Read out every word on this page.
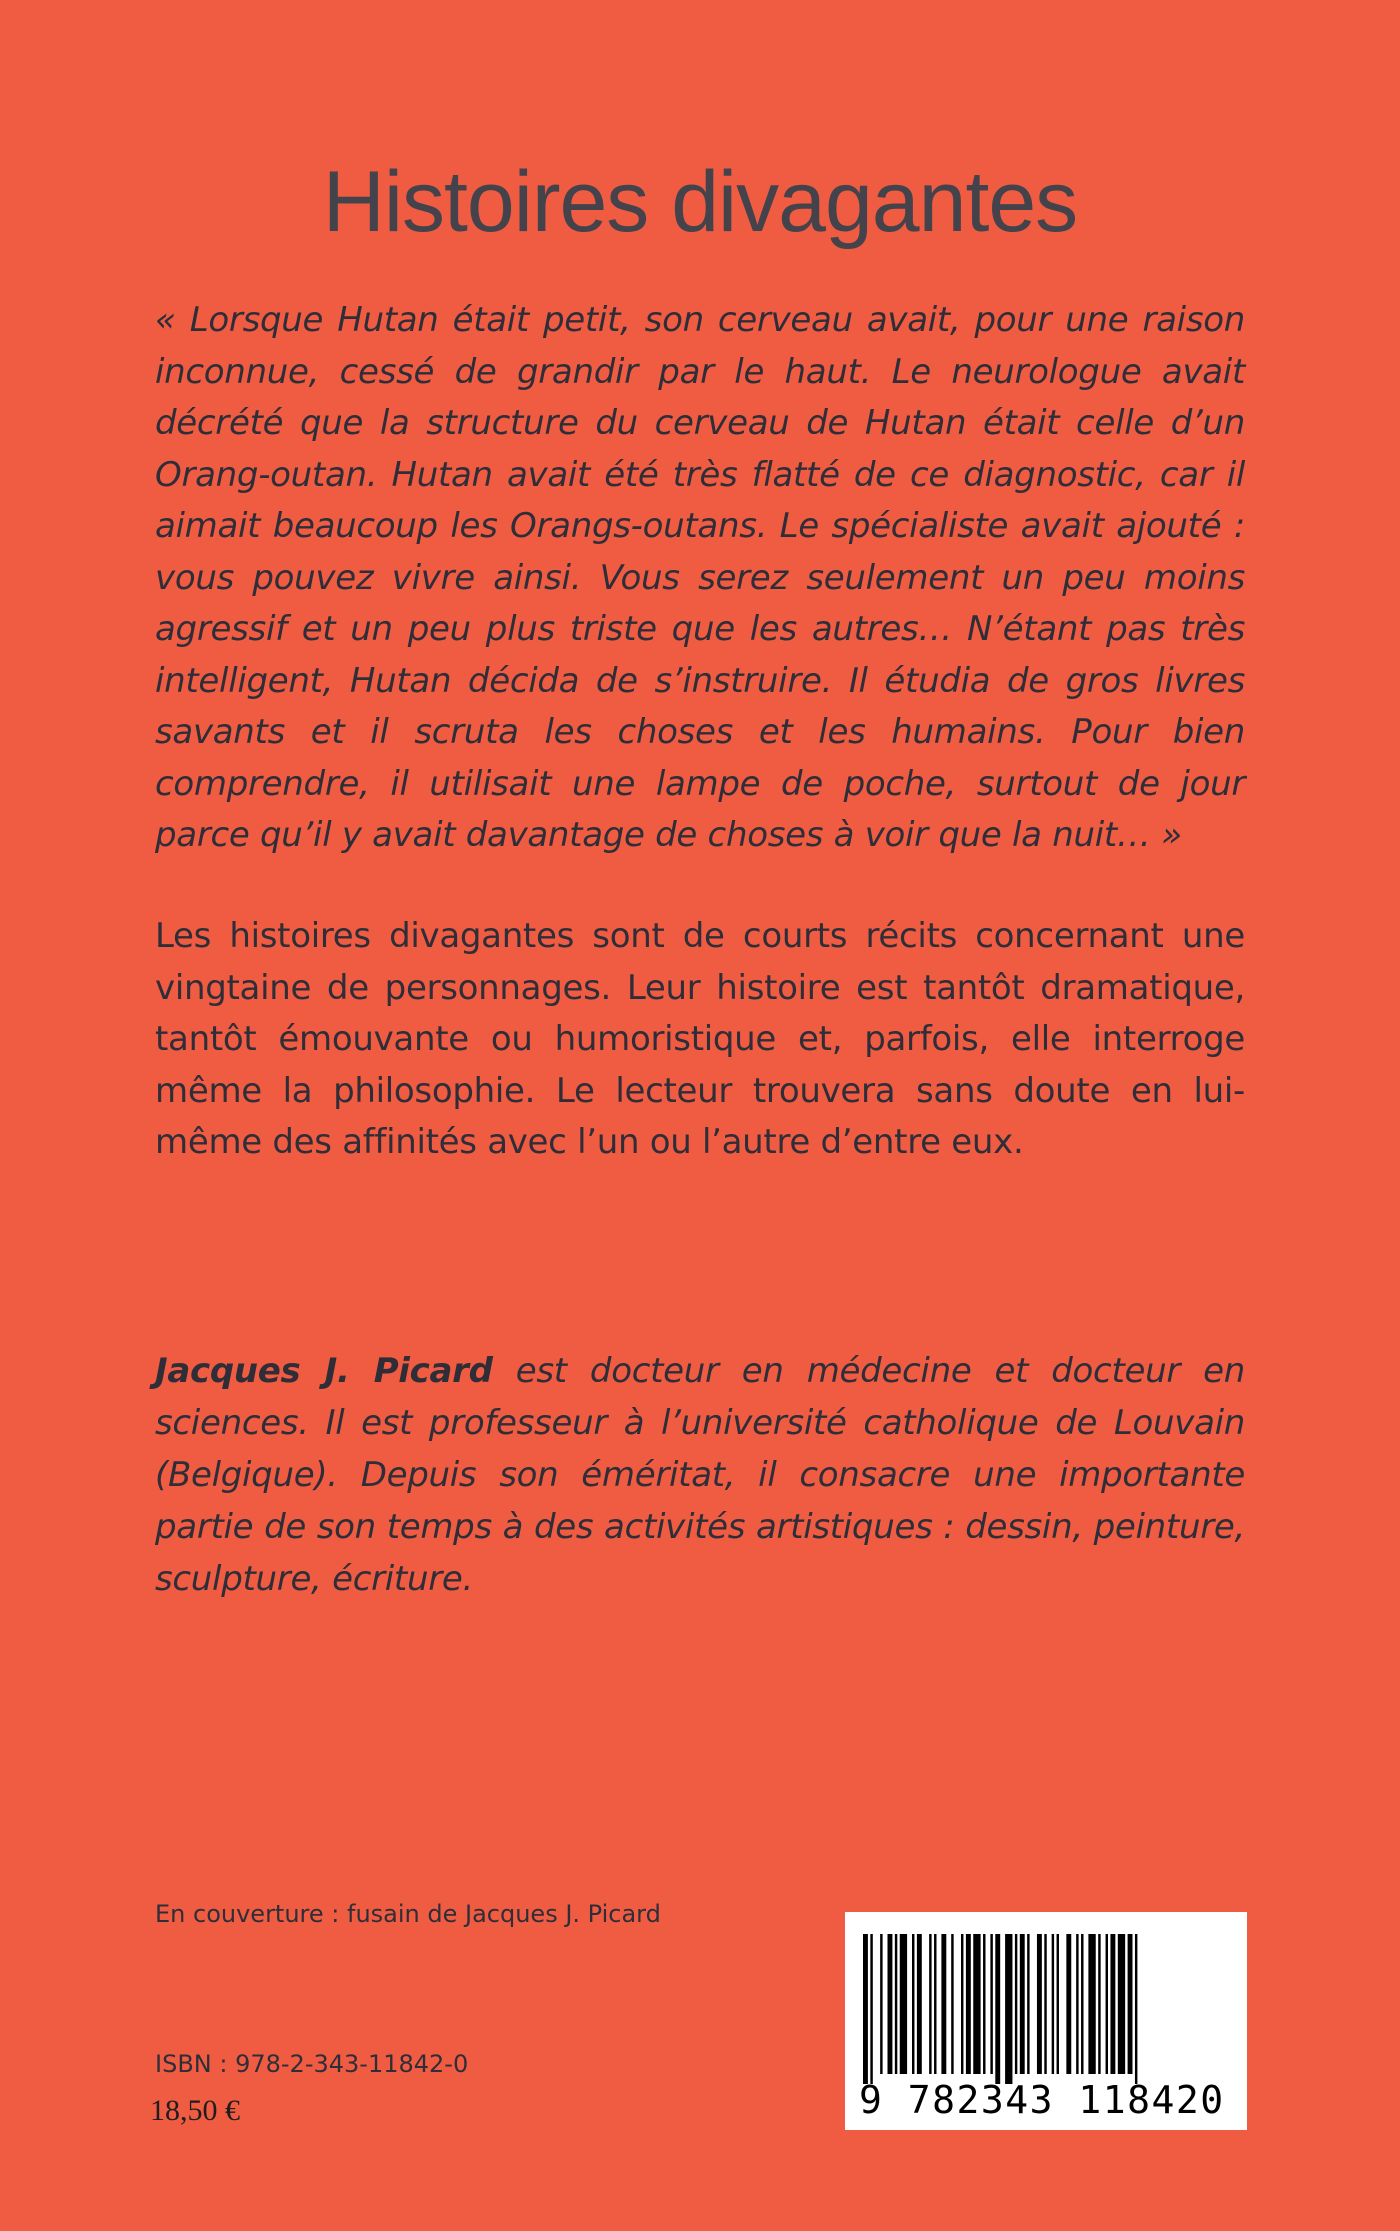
Histoires divagantes
« Lorsque Hutan était petit, son cerveau avait, pour une raison inconnue, cessé de grandir par le haut. Le neurologue avait décrété que la structure du cerveau de Hutan était celle d’un Orang-outan. Hutan avait été très flatté de ce diagnostic, car il aimait beaucoup les Orangs-outans. Le spécialiste avait ajouté : vous pouvez vivre ainsi. Vous serez seulement un peu moins agressif et un peu plus triste que les autres… N’étant pas très intelligent, Hutan décida de s’instruire. Il étudia de gros livres savants et il scruta les choses et les humains. Pour bien comprendre, il utilisait une lampe de poche, surtout de jour parce qu’il y avait davantage de choses à voir que la nuit… »
Les histoires divagantes sont de courts récits concernant une vingtaine de personnages. Leur histoire est tantôt dramatique, tantôt émouvante ou humoristique et, parfois, elle interroge même la philosophie. Le lecteur trouvera sans doute en lui-même des affinités avec l’un ou l’autre d’entre eux.
Jacques J. Picard est docteur en médecine et docteur en sciences. Il est professeur à l’université catholique de Louvain (Belgique). Depuis son éméritat, il consacre une importante partie de son temps à des activités artistiques : dessin, peinture, sculpture, écriture.
En couverture : fusain de Jacques J. Picard
ISBN : 978-2-343-11842-0
18,50 €	9 782343 118420
